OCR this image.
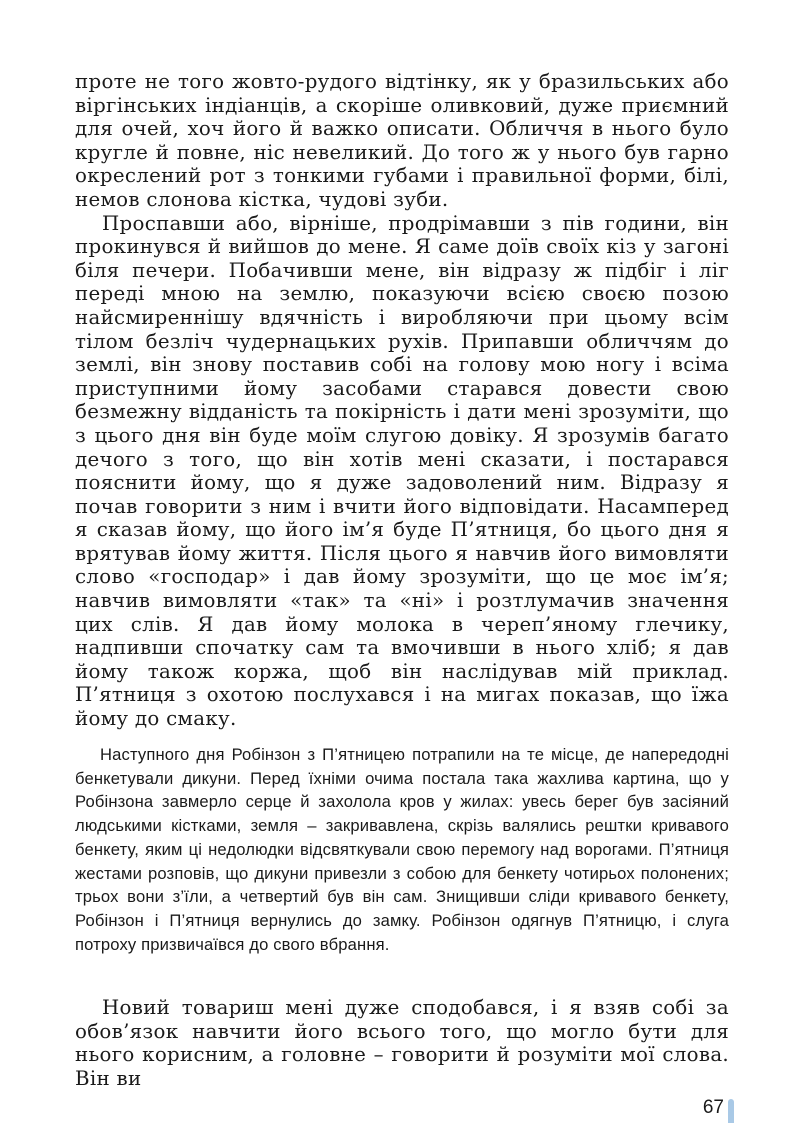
проте не того жовто-рудого відтінку, як у бразильських або віргінських індіанців, а скоріше оливковий, дуже приємний для очей, хоч його й важко описати. Обличчя в нього було кругле й повне, ніс невеликий. До того ж у нього був гарно окреслений рот з тонкими губами і правильної форми, білі, немов слонова кістка, чудові зуби.

Проспавши або, вірніше, продрімавши з пів години, він прокинувся й вийшов до мене. Я саме доїв своїх кіз у загоні біля печери. Побачивши мене, він відразу ж підбіг і ліг переді мною на землю, показуючи всією своєю позою найсмиреннішу вдячність і виробляючи при цьому всім тілом безліч чудернацьких рухів. Припавши обличчям до землі, він знову поставив собі на голову мою ногу і всіма приступними йому засобами старався довести свою безмежну відданість та покірність і дати мені зрозуміти, що з цього дня він буде моїм слугою довіку. Я зрозумів багато дечого з того, що він хотів мені сказати, і постарався пояснити йому, що я дуже задоволений ним. Відразу я почав говорити з ним і вчити його відповідати. Насамперед я сказав йому, що його ім’я буде П’ятниця, бо цього дня я врятував йому життя. Після цього я навчив його вимовляти слово «господар» і дав йому зрозуміти, що це моє ім’я; навчив вимовляти «так» та «ні» і розтлумачив значення цих слів. Я дав йому молока в череп’яному глечику, надпивши спочатку сам та вмочивши в нього хліб; я дав йому також коржа, щоб він наслідував мій приклад. П’ятниця з охотою послухався і на мигах показав, що їжа йому до смаку.

Наступного дня Робінзон з П’ятницею потрапили на те місце, де напередодні бенкетували дикуни. Перед їхніми очима постала така жахлива картина, що у Робінзона завмерло серце й захолола кров у жилах: увесь берег був засіяний людськими кістками, земля – закривавлена, скрізь валялись рештки кривавого бенкету, яким ці недолюдки відсвяткували свою перемогу над ворогами. П’ятниця жестами розповів, що дикуни привезли з собою для бенкету чотирьох полонених; трьох вони з’їли, а четвертий був він сам. Знищивши сліди кривавого бенкету, Робінзон і П’ятниця вернулись до замку. Робінзон одягнув П’ятницю, і слуга потроху призвичаївся до свого вбрання.

Новий товариш мені дуже сподобався, і я взяв собі за обов’язок навчити його всього того, що могло бути для нього корисним, а головне – говорити й розуміти мої слова. Він ви

67
